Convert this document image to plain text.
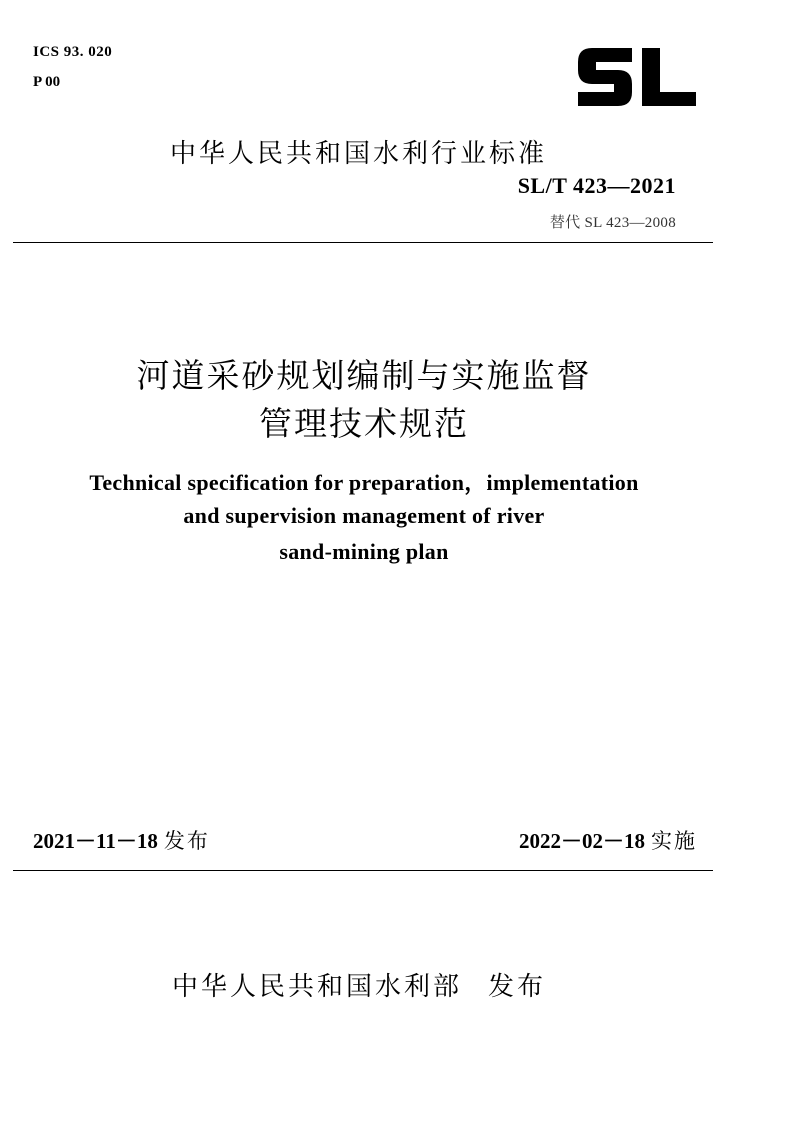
ICS 93. 020
P 00
中华人民共和国水利行业标准
SL/T 423—2021
替代 SL 423—2008
河道采砂规划编制与实施监督
管理技术规范
Technical specification for preparation，implementation
and supervision management of river
sand-mining plan
2021－11－18 发布	2022－02－18 实施
中华人民共和国水利部 发布
